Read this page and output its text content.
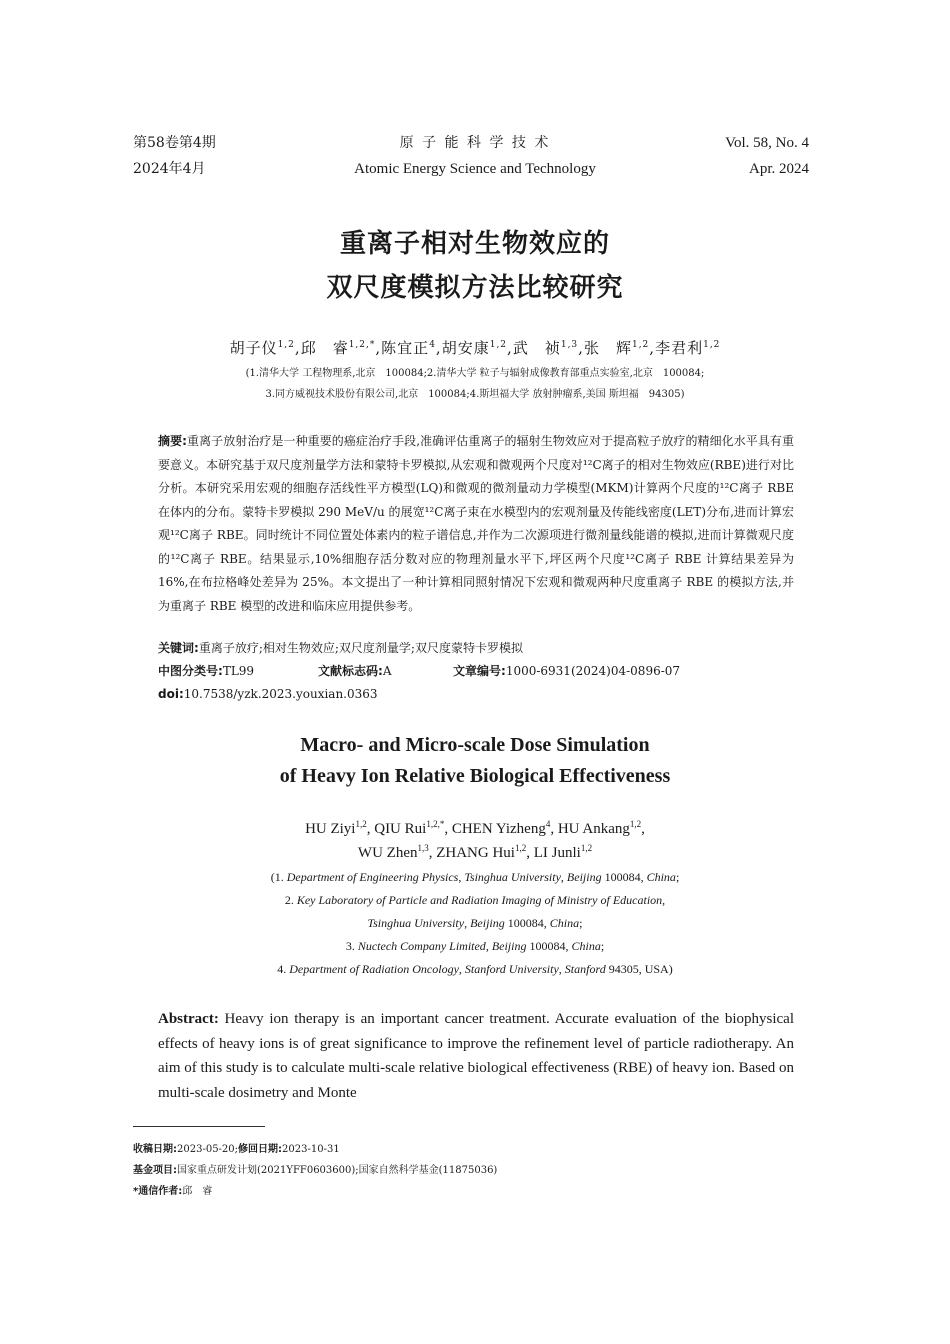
第58卷第4期
2024年4月
原 子 能 科 学 技 术
Atomic Energy Science and Technology
Vol. 58, No. 4
Apr. 2024
重离子相对生物效应的
双尺度模拟方法比较研究
胡子仪$^{1,2}$,邱　睿$^{1,2,*}$,陈宜正$^4$,胡安康$^{1,2}$,武　祯$^{1,3}$,张　辉$^{1,2}$,李君利$^{1,2}$
(1.清华大学 工程物理系,北京　100084;2.清华大学 粒子与辐射成像教育部重点实验室,北京　100084;
3.同方威视技术股份有限公司,北京　100084;4.斯坦福大学 放射肿瘤系,美国 斯坦福　94305)
摘要:重离子放射治疗是一种重要的癌症治疗手段,准确评估重离子的辐射生物效应对于提高粒子放疗的精细化水平具有重要意义。本研究基于双尺度剂量学方法和蒙特卡罗模拟,从宏观和微观两个尺度对¹²C离子的相对生物效应(RBE)进行对比分析。本研究采用宏观的细胞存活线性平方模型(LQ)和微观的微剂量动力学模型(MKM)计算两个尺度的¹²C离子 RBE 在体内的分布。蒙特卡罗模拟 290 MeV/u 的展宽¹²C离子束在水模型内的宏观剂量及传能线密度(LET)分布,进而计算宏观¹²C离子 RBE。同时统计不同位置处体素内的粒子谱信息,并作为二次源项进行微剂量线能谱的模拟,进而计算微观尺度的¹²C离子 RBE。结果显示,10%细胞存活分数对应的物理剂量水平下,坪区两个尺度¹²C离子 RBE 计算结果差异为 16%,在布拉格峰处差异为 25%。本文提出了一种计算相同照射情况下宏观和微观两种尺度重离子 RBE 的模拟方法,并为重离子 RBE 模型的改进和临床应用提供参考。
关键词:重离子放疗;相对生物效应;双尺度剂量学;双尺度蒙特卡罗模拟
中图分类号:TL99	文献标志码:A	文章编号:1000-6931(2024)04-0896-07
doi:10.7538/yzk.2023.youxian.0363
Macro- and Micro-scale Dose Simulation
of Heavy Ion Relative Biological Effectiveness
HU Ziyi$^{1,2}$, QIU Rui$^{1,2,*}$, CHEN Yizheng$^4$, HU Ankang$^{1,2}$,
WU Zhen$^{1,3}$, ZHANG Hui$^{1,2}$, LI Junli$^{1,2}$
(1. Department of Engineering Physics, Tsinghua University, Beijing 100084, China;
2. Key Laboratory of Particle and Radiation Imaging of Ministry of Education,
Tsinghua University, Beijing 100084, China;
3. Nuctech Company Limited, Beijing 100084, China;
4. Department of Radiation Oncology, Stanford University, Stanford 94305, USA)
Abstract: Heavy ion therapy is an important cancer treatment. Accurate evaluation of the biophysical effects of heavy ions is of great significance to improve the refinement level of particle radiotherapy. An aim of this study is to calculate multi-scale relative biological effectiveness (RBE) of heavy ion. Based on multi-scale dosimetry and Monte
收稿日期:2023-05-20;修回日期:2023-10-31
基金项目:国家重点研发计划(2021YFF0603600);国家自然科学基金(11875036)
*通信作者:邱　睿
